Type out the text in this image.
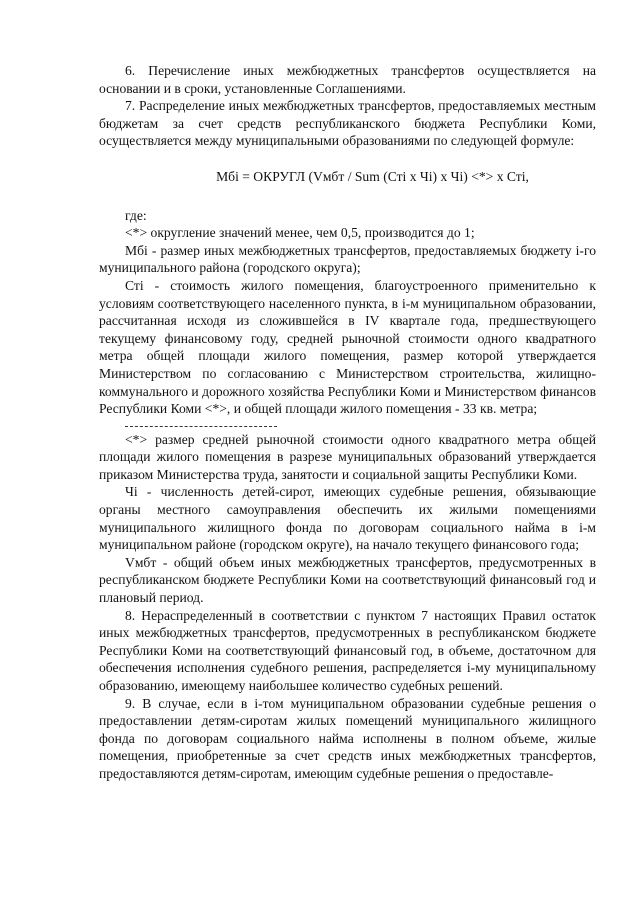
6. Перечисление иных межбюджетных трансфертов осуществляется на основании и в сроки, установленные Соглашениями.

7. Распределение иных межбюджетных трансфертов, предоставляемых местным бюджетам за счет средств республиканского бюджета Республики Коми, осуществляется между муниципальными образованиями по следующей формуле:

Мбi = ОКРУГЛ (Vмбт / Sum (Стi x Чi) x Чi) <*> x Стi,

где:

<*> округление значений менее, чем 0,5, производится до 1;

Мбi - размер иных межбюджетных трансфертов, предоставляемых бюджету i-го муниципального района (городского округа);

Стi - стоимость жилого помещения, благоустроенного применительно к условиям соответствующего населенного пункта, в i-м муниципальном образовании, рассчитанная исходя из сложившейся в IV квартале года, предшествующего текущему финансовому году, средней рыночной стоимости одного квадратного метра общей площади жилого помещения, размер которой утверждается Министерством по согласованию с Министерством строительства, жилищно-коммунального и дорожного хозяйства Республики Коми и Министерством финансов Республики Коми <*>, и общей площади жилого помещения - 33 кв. метра;

<*> размер средней рыночной стоимости одного квадратного метра общей площади жилого помещения в разрезе муниципальных образований утверждается приказом Министерства труда, занятости и социальной защиты Республики Коми.

Чi - численность детей-сирот, имеющих судебные решения, обязывающие органы местного самоуправления обеспечить их жилыми помещениями муниципального жилищного фонда по договорам социального найма в i-м муниципальном районе (городском округе), на начало текущего финансового года;

Vмбт - общий объем иных межбюджетных трансфертов, предусмотренных в республиканском бюджете Республики Коми на соответствующий финансовый год и плановый период.

8. Нераспределенный в соответствии с пунктом 7 настоящих Правил остаток иных межбюджетных трансфертов, предусмотренных в республиканском бюджете Республики Коми на соответствующий финансовый год, в объеме, достаточном для обеспечения исполнения судебного решения, распределяется i-му муниципальному образованию, имеющему наибольшее количество судебных решений.

9. В случае, если в i-том муниципальном образовании судебные решения о предоставлении детям-сиротам жилых помещений муниципального жилищного фонда по договорам социального найма исполнены в полном объеме, жилые помещения, приобретенные за счет средств иных межбюджетных трансфертов, предоставляются детям-сиротам, имеющим судебные решения о предоставле-
